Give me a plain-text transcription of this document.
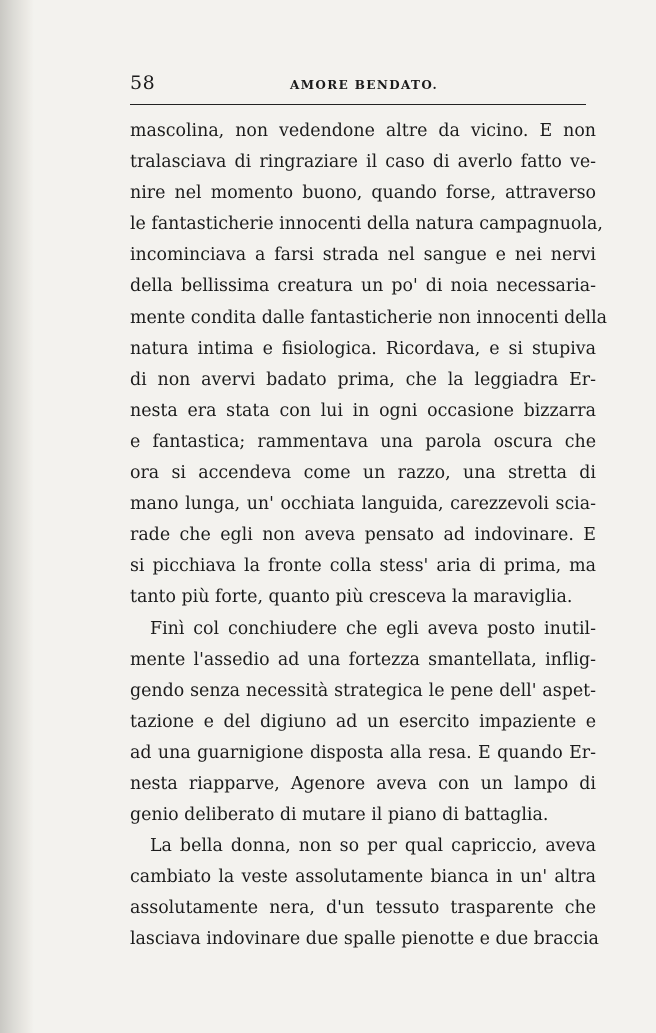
58	AMORE BENDATO.
mascolina, non vedendone altre da vicino. E non
tralasciava di ringraziare il caso di averlo fatto ve-
nire nel momento buono, quando forse, attraverso
le fantasticherie innocenti della natura campagnuola,
incominciava a farsi strada nel sangue e nei nervi
della bellissima creatura un po' di noia necessaria-
mente condita dalle fantasticherie non innocenti della
natura intima e fisiologica. Ricordava, e si stupiva
di non avervi badato prima, che la leggiadra Er-
nesta era stata con lui in ogni occasione bizzarra
e fantastica; rammentava una parola oscura che
ora si accendeva come un razzo, una stretta di
mano lunga, un' occhiata languida, carezzevoli scia-
rade che egli non aveva pensato ad indovinare. E
si picchiava la fronte colla stess' aria di prima, ma
tanto più forte, quanto più cresceva la maraviglia.
Finì col conchiudere che egli aveva posto inutil-
mente l'assedio ad una fortezza smantellata, inflig-
gendo senza necessità strategica le pene dell' aspet-
tazione e del digiuno ad un esercito impaziente e
ad una guarnigione disposta alla resa. E quando Er-
nesta riapparve, Agenore aveva con un lampo di
genio deliberato di mutare il piano di battaglia.
La bella donna, non so per qual capriccio, aveva
cambiato la veste assolutamente bianca in un' altra
assolutamente nera, d'un tessuto trasparente che
lasciava indovinare due spalle pienotte e due braccia
